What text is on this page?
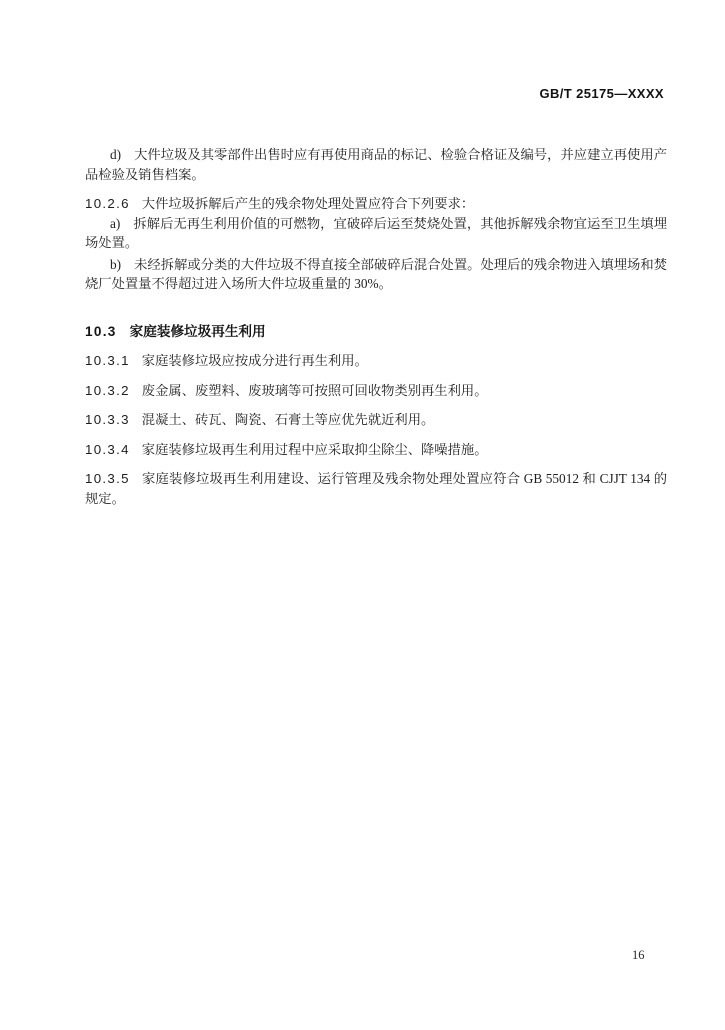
GB/T 25175—XXXX

d) 大件垃圾及其零部件出售时应有再使用商品的标记、检验合格证及编号，并应建立再使用产品检验及销售档案。

10.2.6 大件垃圾拆解后产生的残余物处理处置应符合下列要求：

a) 拆解后无再生利用价值的可燃物，宜破碎后运至焚烧处置，其他拆解残余物宜运至卫生填埋场处置。

b) 未经拆解或分类的大件垃圾不得直接全部破碎后混合处置。处理后的残余物进入填埋场和焚烧厂处置量不得超过进入场所大件垃圾重量的 30%。

10.3 家庭装修垃圾再生利用

10.3.1 家庭装修垃圾应按成分进行再生利用。

10.3.2 废金属、废塑料、废玻璃等可按照可回收物类别再生利用。

10.3.3 混凝土、砖瓦、陶瓷、石膏土等应优先就近利用。

10.3.4 家庭装修垃圾再生利用过程中应采取抑尘除尘、降噪措施。

10.3.5 家庭装修垃圾再生利用建设、运行管理及残余物处理处置应符合 GB 55012 和 CJJT 134 的规定。

16
